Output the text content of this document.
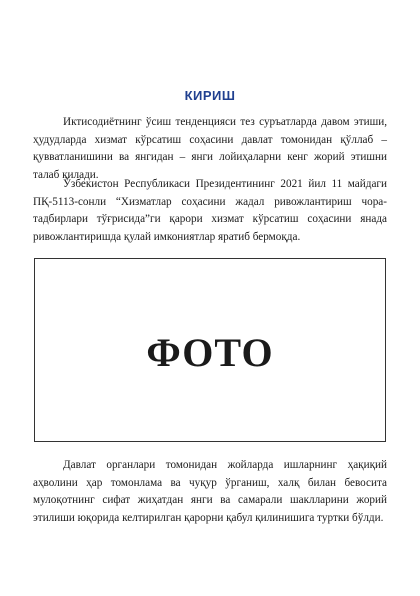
КИРИШ

Иктисодиётнинг ўсиш тенденцияси тез суръатларда давом этиши, ҳудудларда хизмат кўрсатиш соҳасини давлат томонидан қўллаб – қувватланишини ва янгидан – янги лойиҳаларни кенг жорий этишни талаб қилади.

Ўзбекистон Республикаси Президентининг 2021 йил 11 майдаги ПҚ-5113-сонли “Хизматлар соҳасини жадал ривожлантириш чора-тадбирлари тўғрисида”ги қарори хизмат кўрсатиш соҳасини янада ривожлантиришда қулай имкониятлар яратиб бермоқда.

ФОТО

Давлат органлари томонидан жойларда ишларнинг ҳақиқий аҳволини ҳар томонлама ва чуқур ўрганиш, халқ билан бевосита мулоқотнинг сифат жиҳатдан янги ва самарали шаклларини жорий этилиши юқорида келтирилган қарорни қабул қилинишига туртки бўлди.
